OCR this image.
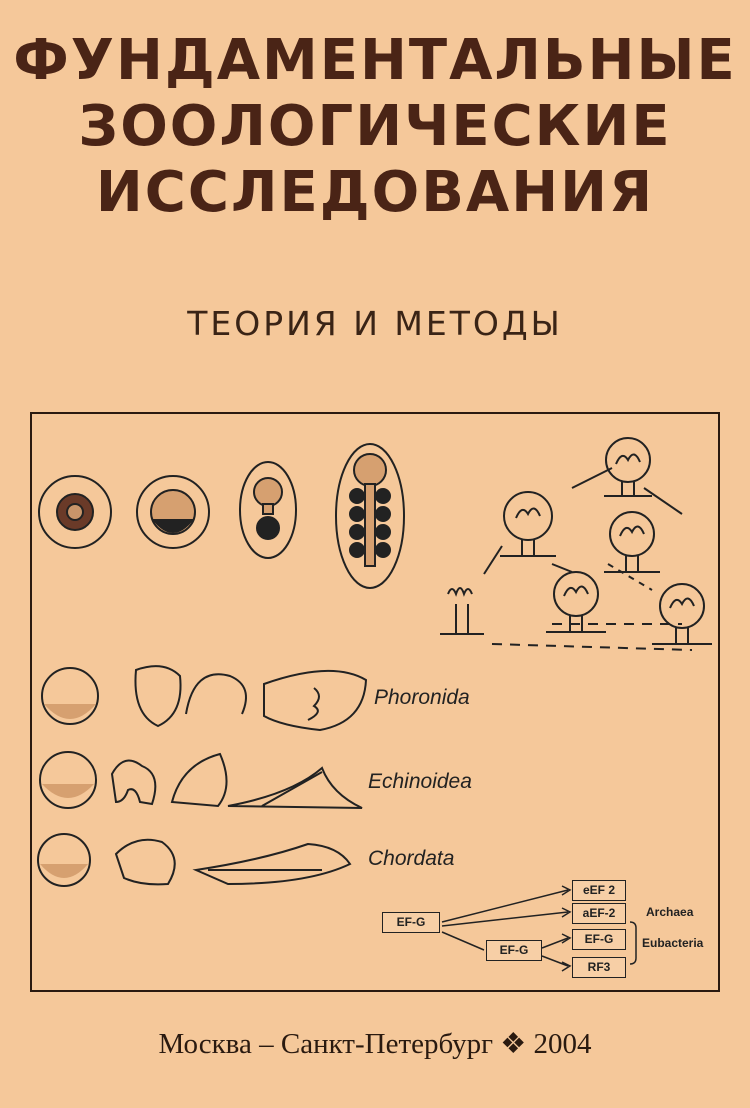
ФУНДАМЕНТАЛЬНЫЕ
ЗООЛОГИЧЕСКИЕ
ИССЛЕДОВАНИЯ
ТЕОРИЯ И МЕТОДЫ
Phoronida
Echinoidea
Chordata
EF-G
EF-G
eEF 2
aEF-2
EF-G
RF3
Archaea
Eubacteria
Москва – Санкт-Петербург ❖ 2004
